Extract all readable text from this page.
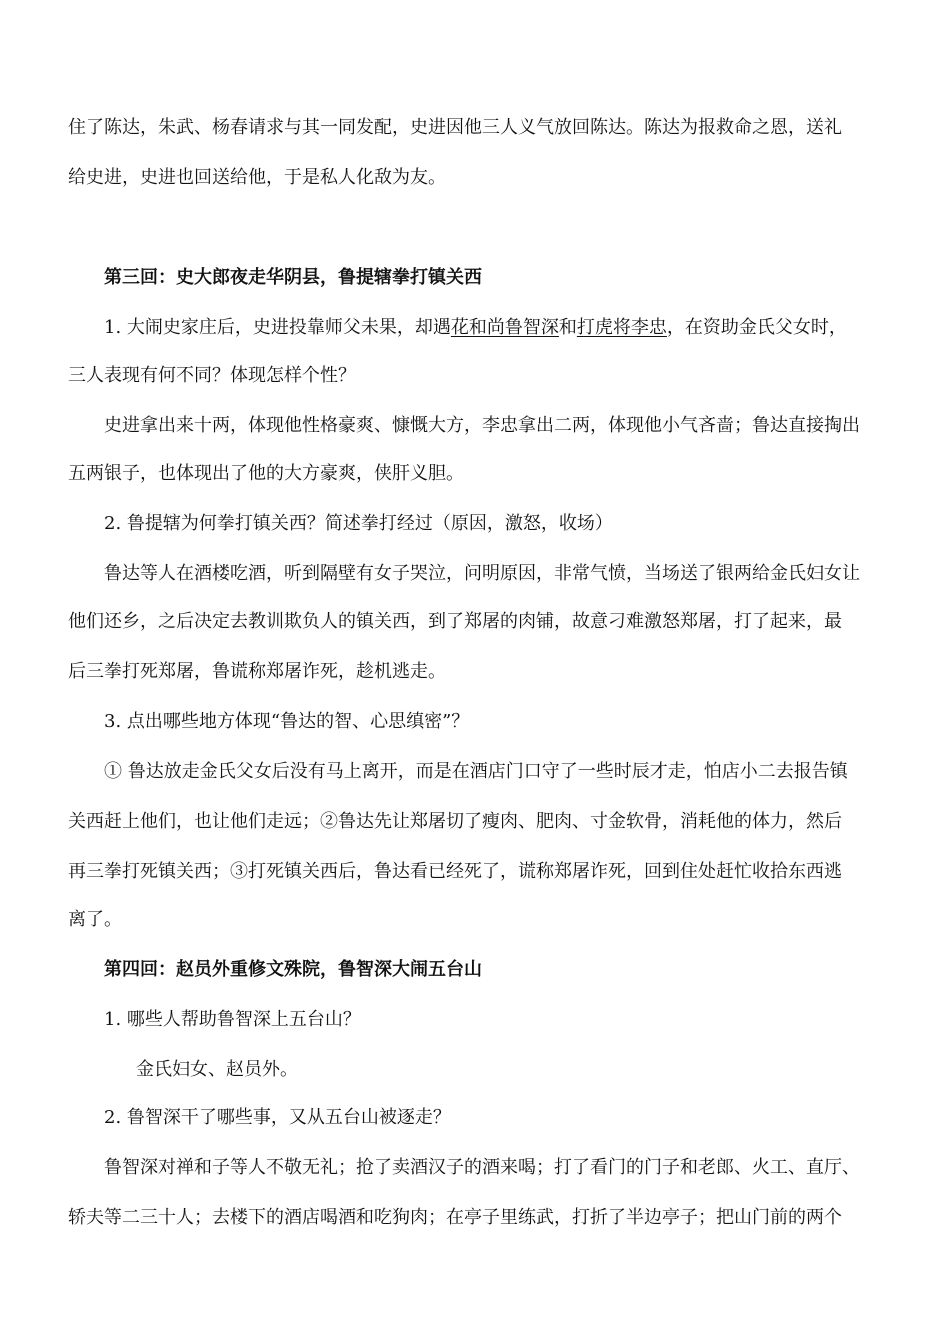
住了陈达，朱武、杨春请求与其一同发配，史进因他三人义气放回陈达。陈达为报救命之恩，送礼
给史进，史进也回送给他，于是私人化敌为友。
第三回：史大郎夜走华阴县，鲁提辖拳打镇关西
1. 大闹史家庄后，史进投靠师父未果，却遇花和尚鲁智深和打虎将李忠，在资助金氏父女时，
三人表现有何不同？体现怎样个性？
史进拿出来十两，体现他性格豪爽、慷慨大方，李忠拿出二两，体现他小气吝啬；鲁达直接掏出
五两银子，也体现出了他的大方豪爽，侠肝义胆。
2. 鲁提辖为何拳打镇关西？简述拳打经过（原因，激怒，收场）
鲁达等人在酒楼吃酒，听到隔壁有女子哭泣，问明原因，非常气愤，当场送了银两给金氏妇女让
他们还乡，之后决定去教训欺负人的镇关西，到了郑屠的肉铺，故意刁难激怒郑屠，打了起来，最
后三拳打死郑屠，鲁谎称郑屠诈死，趁机逃走。
3. 点出哪些地方体现“鲁达的智、心思缜密”？
① 鲁达放走金氏父女后没有马上离开，而是在酒店门口守了一些时辰才走，怕店小二去报告镇
关西赶上他们，也让他们走远；②鲁达先让郑屠切了瘦肉、肥肉、寸金软骨，消耗他的体力，然后
再三拳打死镇关西；③打死镇关西后，鲁达看已经死了，谎称郑屠诈死，回到住处赶忙收拾东西逃
离了。
第四回：赵员外重修文殊院，鲁智深大闹五台山
1. 哪些人帮助鲁智深上五台山？
金氏妇女、赵员外。
2. 鲁智深干了哪些事，又从五台山被逐走？
鲁智深对禅和子等人不敬无礼；抢了卖酒汉子的酒来喝；打了看门的门子和老郎、火工、直厅、
轿夫等二三十人；去楼下的酒店喝酒和吃狗肉；在亭子里练武，打折了半边亭子；把山门前的两个
